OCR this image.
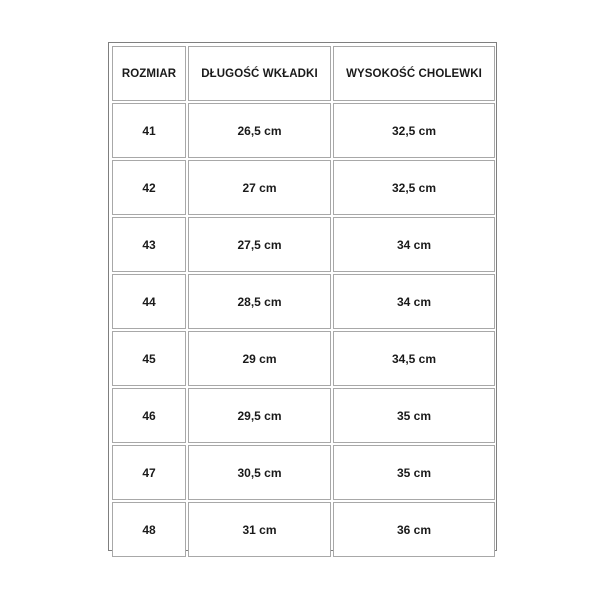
ROZMIAR	DŁUGOŚĆ WKŁADKI	WYSOKOŚĆ CHOLEWKI
41	26,5 cm	32,5 cm
42	27 cm	32,5 cm
43	27,5 cm	34 cm
44	28,5 cm	34 cm
45	29 cm	34,5 cm
46	29,5 cm	35 cm
47	30,5 cm	35 cm
48	31 cm	36 cm
